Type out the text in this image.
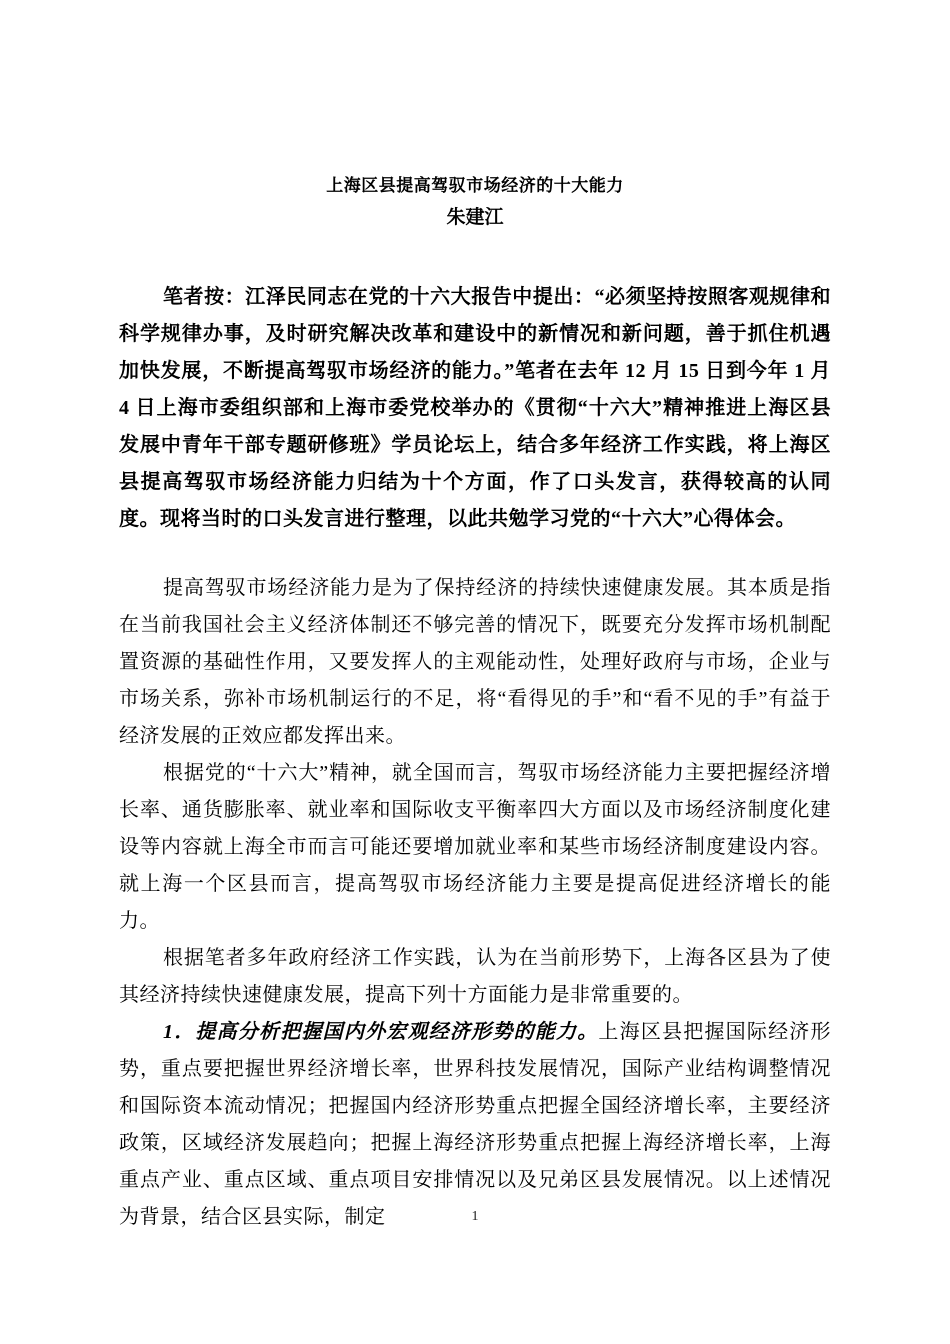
上海区县提高驾驭市场经济的十大能力
朱建江

笔者按：江泽民同志在党的十六大报告中提出：“必须坚持按照客观规律和科学规律办事，及时研究解决改革和建设中的新情况和新问题，善于抓住机遇加快发展，不断提高驾驭市场经济的能力。”笔者在去年 12 月 15 日到今年 1 月 4 日上海市委组织部和上海市委党校举办的《贯彻“十六大”精神推进上海区县发展中青年干部专题研修班》学员论坛上，结合多年经济工作实践，将上海区县提高驾驭市场经济能力归结为十个方面，作了口头发言，获得较高的认同度。现将当时的口头发言进行整理，以此共勉学习党的“十六大”心得体会。

提高驾驭市场经济能力是为了保持经济的持续快速健康发展。其本质是指在当前我国社会主义经济体制还不够完善的情况下，既要充分发挥市场机制配置资源的基础性作用，又要发挥人的主观能动性，处理好政府与市场，企业与市场关系，弥补市场机制运行的不足，将“看得见的手”和“看不见的手”有益于经济发展的正效应都发挥出来。

根据党的“十六大”精神，就全国而言，驾驭市场经济能力主要把握经济增长率、通货膨胀率、就业率和国际收支平衡率四大方面以及市场经济制度化建设等内容就上海全市而言可能还要增加就业率和某些市场经济制度建设内容。就上海一个区县而言，提高驾驭市场经济能力主要是提高促进经济增长的能力。

根据笔者多年政府经济工作实践，认为在当前形势下，上海各区县为了使其经济持续快速健康发展，提高下列十方面能力是非常重要的。

1．提高分析把握国内外宏观经济形势的能力。上海区县把握国际经济形势，重点要把握世界经济增长率，世界科技发展情况，国际产业结构调整情况和国际资本流动情况；把握国内经济形势重点把握全国经济增长率，主要经济政策，区域经济发展趋向；把握上海经济形势重点把握上海经济增长率，上海重点产业、重点区域、重点项目安排情况以及兄弟区县发展情况。以上述情况为背景，结合区县实际，制定	1
